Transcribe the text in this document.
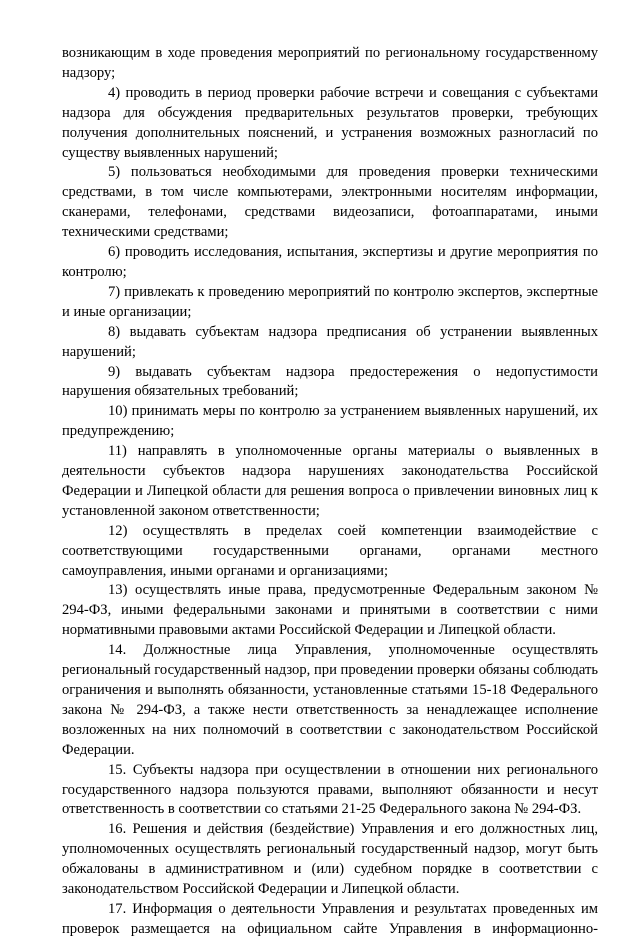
возникающим в ходе проведения мероприятий по региональному государственному надзору;

4) проводить в период проверки рабочие встречи и совещания с субъектами надзора для обсуждения предварительных результатов проверки, требующих получения дополнительных пояснений, и устранения возможных разногласий по существу выявленных нарушений;

5) пользоваться необходимыми для проведения проверки техническими средствами, в том числе компьютерами, электронными носителям информации, сканерами, телефонами, средствами видеозаписи, фотоаппаратами, иными техническими средствами;

6) проводить исследования, испытания, экспертизы и другие мероприятия по контролю;

7) привлекать к проведению мероприятий по контролю экспертов, экспертные и иные организации;

8) выдавать субъектам надзора предписания об устранении выявленных нарушений;

9) выдавать субъектам надзора предостережения о недопустимости нарушения обязательных требований;

10) принимать меры по контролю за устранением выявленных нарушений, их предупреждению;

11) направлять в уполномоченные органы материалы о выявленных в деятельности субъектов надзора нарушениях законодательства Российской Федерации и Липецкой области для решения вопроса о привлечении виновных лиц к установленной законом ответственности;

12) осуществлять в пределах соей компетенции взаимодействие с соответствующими государственными органами, органами местного самоуправления, иными органами и организациями;

13) осуществлять иные права, предусмотренные Федеральным законом № 294-ФЗ, иными федеральными законами и принятыми в соответствии с ними нормативными правовыми актами Российской Федерации и Липецкой области.

14. Должностные лица Управления, уполномоченные осуществлять региональный государственный надзор, при проведении проверки обязаны соблюдать ограничения и выполнять обязанности, установленные статьями 15-18 Федерального закона № 294-ФЗ, а также нести ответственность за ненадлежащее исполнение возложенных на них полномочий в соответствии с законодательством Российской Федерации.

15. Субъекты надзора при осуществлении в отношении них регионального государственного надзора пользуются правами, выполняют обязанности и несут ответственность в соответствии со статьями 21-25 Федерального закона № 294-ФЗ.

16. Решения и действия (бездействие) Управления и его должностных лиц, уполномоченных осуществлять региональный государственный надзор, могут быть обжалованы в административном и (или) судебном порядке в соответствии с законодательством Российской Федерации и Липецкой области.

17. Информация о деятельности Управления и результатах проведенных им проверок размещается на официальном сайте Управления в информационно-
